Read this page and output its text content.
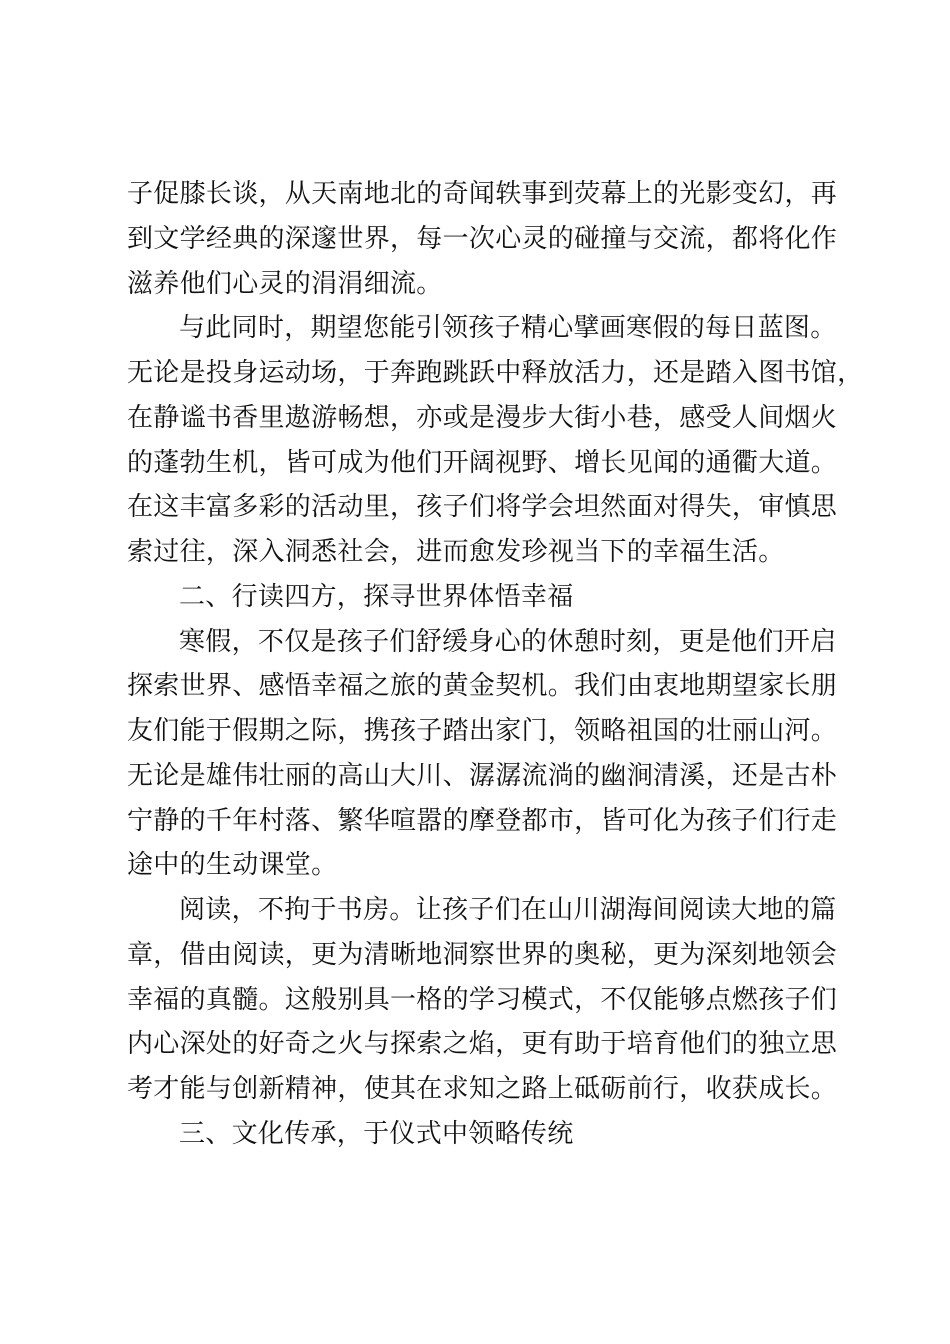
子促膝长谈，从天南地北的奇闻轶事到荧幕上的光影变幻，再
到文学经典的深邃世界，每一次心灵的碰撞与交流，都将化作
滋养他们心灵的涓涓细流。
与此同时，期望您能引领孩子精心擘画寒假的每日蓝图。
无论是投身运动场，于奔跑跳跃中释放活力，还是踏入图书馆，
在静谧书香里遨游畅想，亦或是漫步大街小巷，感受人间烟火
的蓬勃生机，皆可成为他们开阔视野、增长见闻的通衢大道。
在这丰富多彩的活动里，孩子们将学会坦然面对得失，审慎思
索过往，深入洞悉社会，进而愈发珍视当下的幸福生活。
二、行读四方，探寻世界体悟幸福
寒假，不仅是孩子们舒缓身心的休憩时刻，更是他们开启
探索世界、感悟幸福之旅的黄金契机。我们由衷地期望家长朋
友们能于假期之际，携孩子踏出家门，领略祖国的壮丽山河。
无论是雄伟壮丽的高山大川、潺潺流淌的幽涧清溪，还是古朴
宁静的千年村落、繁华喧嚣的摩登都市，皆可化为孩子们行走
途中的生动课堂。
阅读，不拘于书房。让孩子们在山川湖海间阅读大地的篇
章，借由阅读，更为清晰地洞察世界的奥秘，更为深刻地领会
幸福的真髓。这般别具一格的学习模式，不仅能够点燃孩子们
内心深处的好奇之火与探索之焰，更有助于培育他们的独立思
考才能与创新精神，使其在求知之路上砥砺前行，收获成长。
三、文化传承，于仪式中领略传统
